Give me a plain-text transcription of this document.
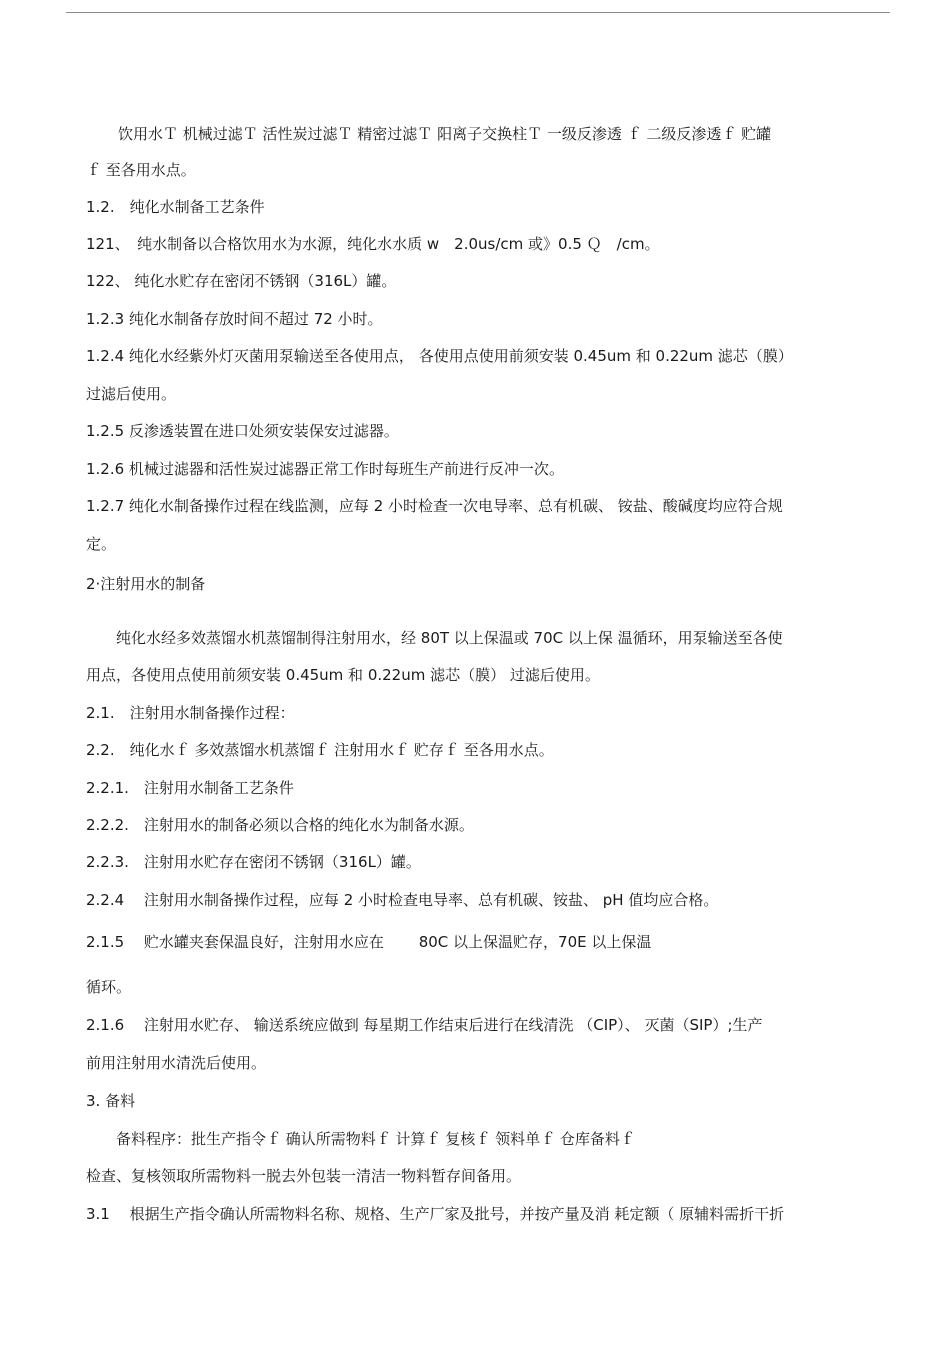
饮用水Ｔ 机械过滤Ｔ 活性炭过滤Ｔ 精密过滤Ｔ 阳离子交换柱Ｔ 一级反渗透 ｆ 二级反渗透ｆ 贮罐
ｆ 至各用水点。
1.2.　纯化水制备工艺条件
121、　纯水制备以合格饮用水为水源，纯化水水质 w　2.0us/cm 或》0.5 Ｑ　/cm。
122、 纯化水贮存在密闭不锈钢（316L）罐。
1.2.3 纯化水制备存放时间不超过 72 小时。
1.2.4 纯化水经紫外灯灭菌用泵输送至各使用点， 各使用点使用前须安装 0.45um 和 0.22um 滤芯（膜）
过滤后使用。
1.2.5 反渗透装置在进口处须安装保安过滤器。
1.2.6 机械过滤器和活性炭过滤器正常工作时每班生产前进行反冲一次。
1.2.7 纯化水制备操作过程在线监测，应每 2 小时检查一次电导率、总有机碳、 铵盐、酸碱度均应符合规
定。
2·注射用水的制备
纯化水经多效蒸馏水机蒸馏制得注射用水，经 80T 以上保温或 70C 以上保 温循环，用泵输送至各使
用点，各使用点使用前须安装 0.45um 和 0.22um 滤芯（膜） 过滤后使用。
2.1.　注射用水制备操作过程：
2.2.　纯化水ｆ 多效蒸馏水机蒸馏ｆ 注射用水ｆ 贮存ｆ 至各用水点。
2.2.1.　注射用水制备工艺条件
2.2.2.　注射用水的制备必须以合格的纯化水为制备水源。
2.2.3.　注射用水贮存在密闭不锈钢（316L）罐。
2.2.4　 注射用水制备操作过程，应每 2 小时检查电导率、总有机碳、铵盐、 pH 值均应合格。
2.1.5　 贮水罐夹套保温良好，注射用水应在　　 80C 以上保温贮存，70E 以上保温
循环。
2.1.6　 注射用水贮存、 输送系统应做到 每星期工作结束后进行在线清洗 （CIP）、 灭菌（SIP）;生产
前用注射用水清洗后使用。
3. 备料
备料程序：批生产指令ｆ 确认所需物料ｆ 计算ｆ 复核ｆ 领料单ｆ 仓库备料ｆ
检查、复核领取所需物料一脱去外包装一清洁一物料暂存间备用。
3.1　 根据生产指令确认所需物料名称、规格、生产厂家及批号，并按产量及消 耗定额（ 原辅料需折干折
